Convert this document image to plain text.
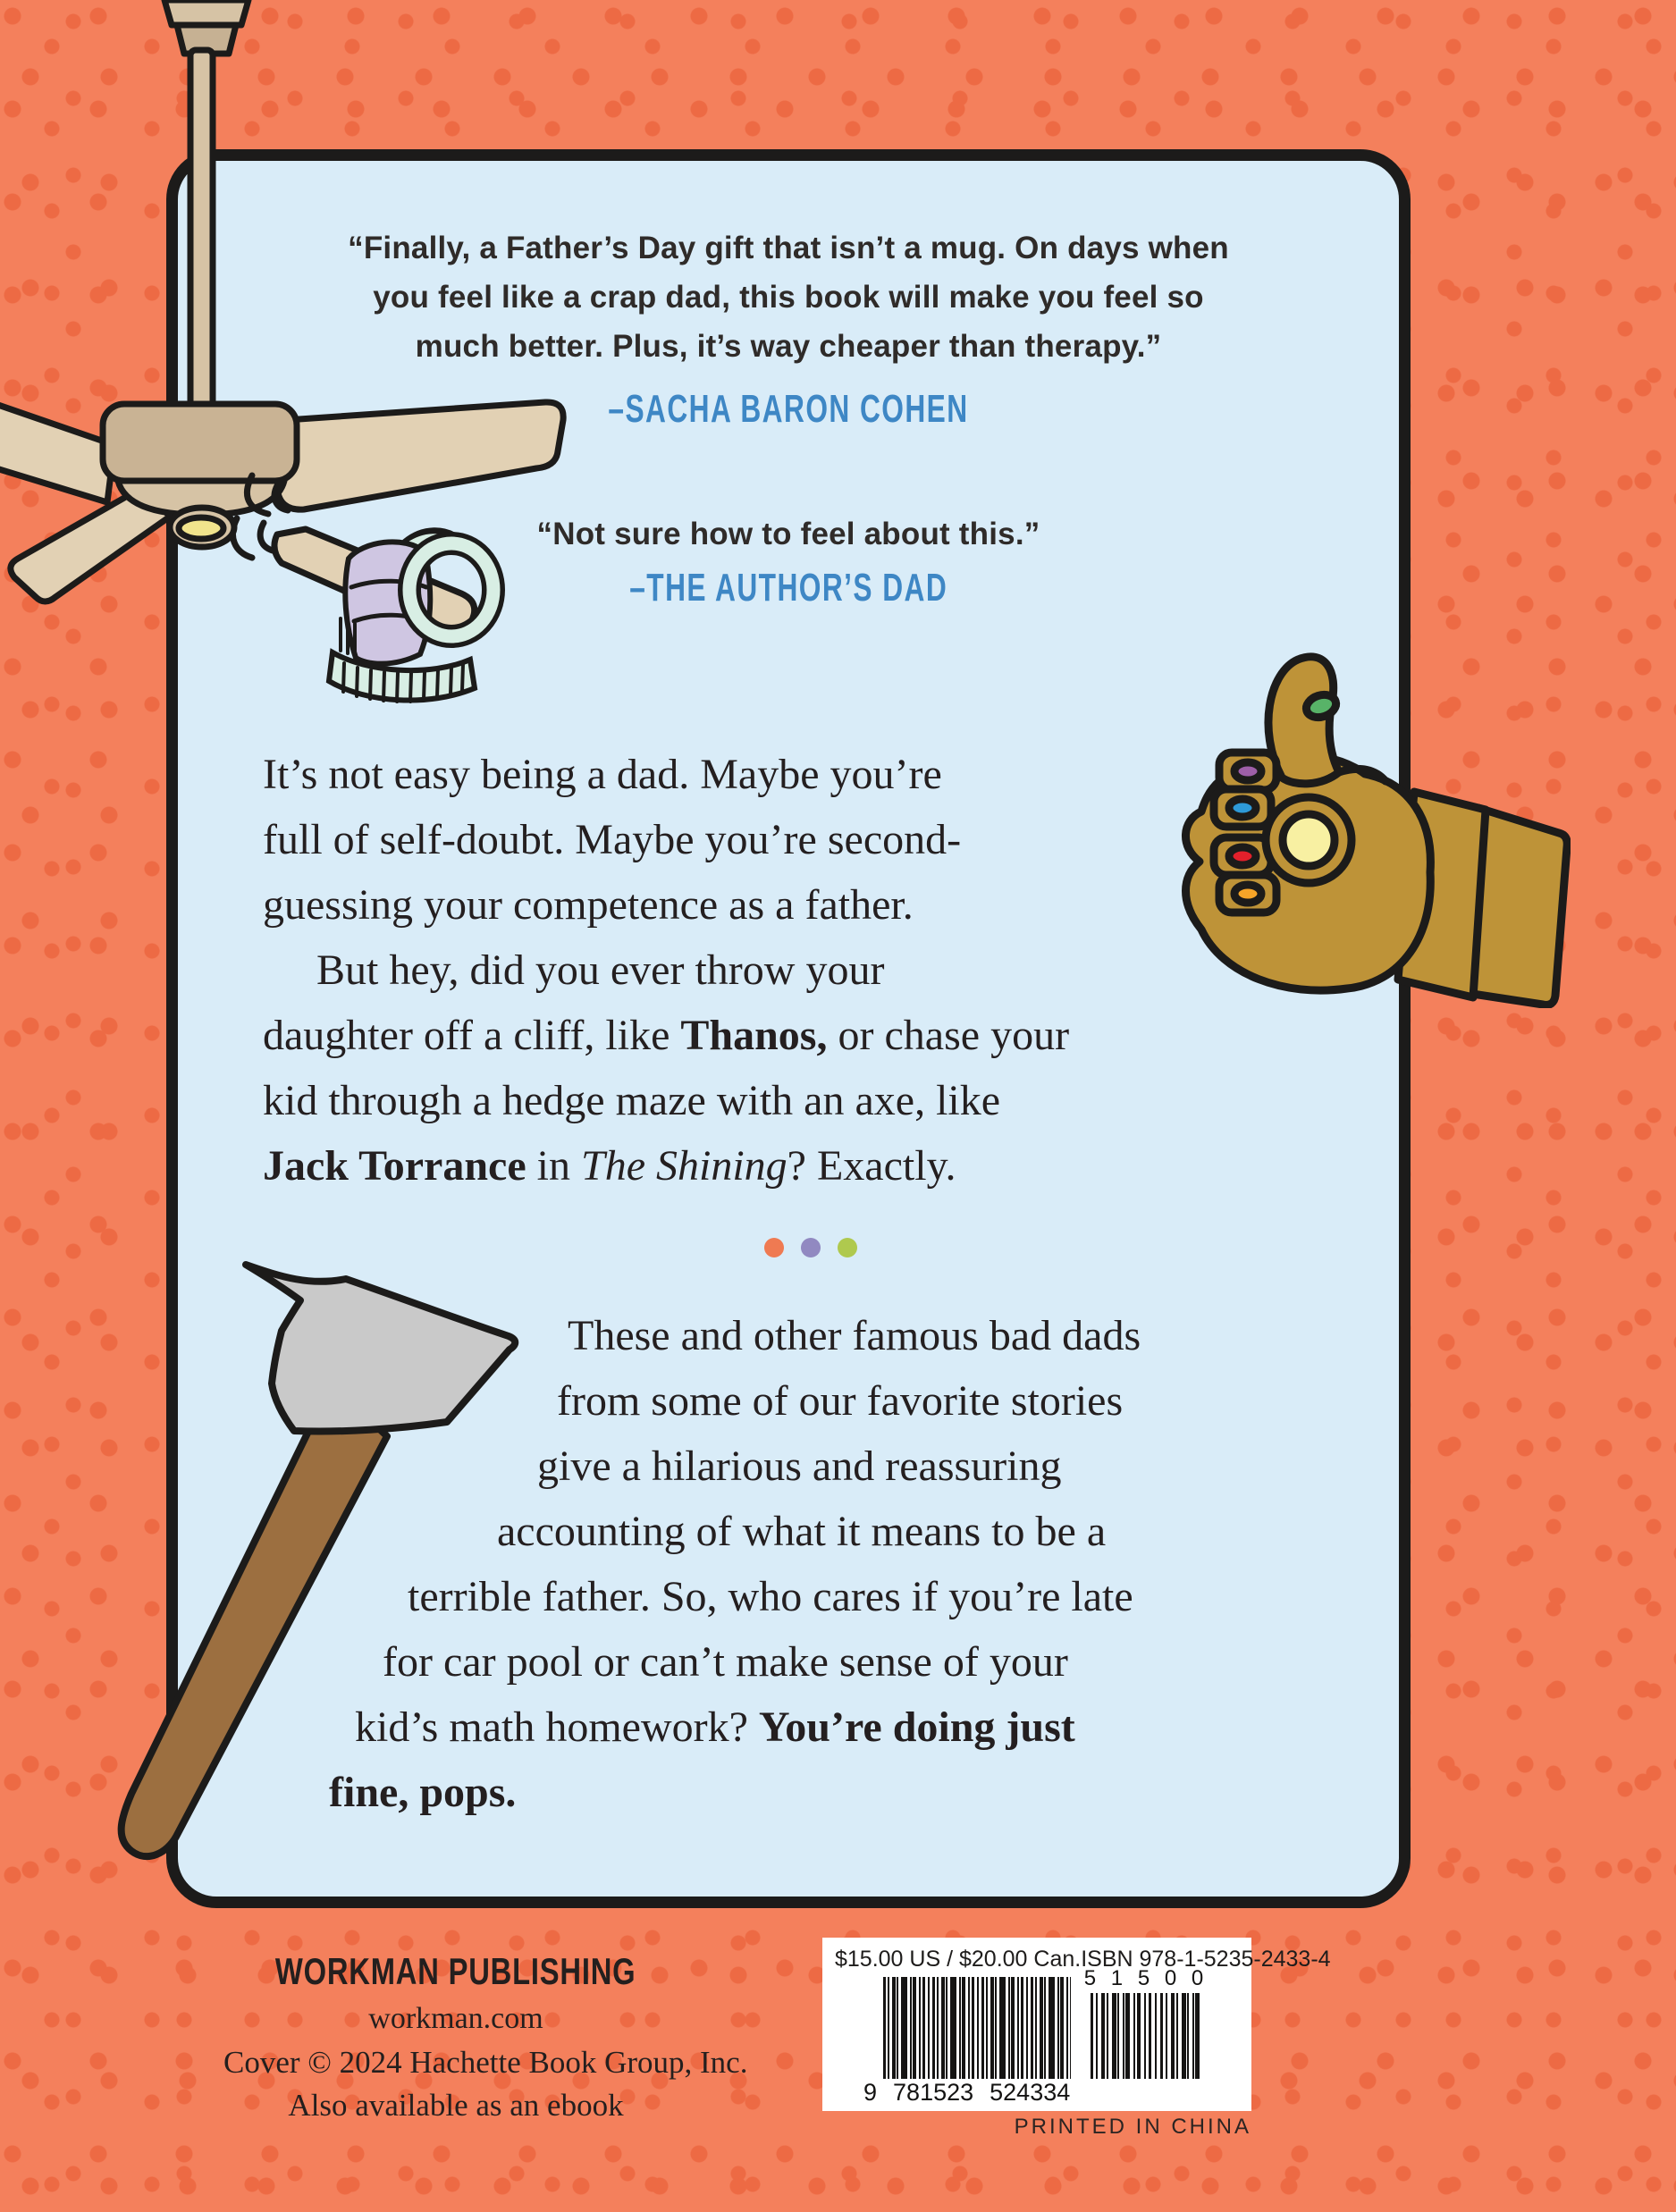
“Finally, a Father’s Day gift that isn’t a mug. On days when
you feel like a crap dad, this book will make you feel so
much better. Plus, it’s way cheaper than therapy.”
–SACHA BARON COHEN
“Not sure how to feel about this.”
–THE AUTHOR’S DAD
It’s not easy being a dad. Maybe you’re
full of self-doubt. Maybe you’re second-
guessing your competence as a father.
But hey, did you ever throw your
daughter off a cliff, like Thanos, or chase your
kid through a hedge maze with an axe, like
Jack Torrance in The Shining? Exactly.
These and other famous bad dads
from some of our favorite stories
give a hilarious and reassuring
accounting of what it means to be a
terrible father. So, who cares if you’re late
for car pool or can’t make sense of your
kid’s math homework? You’re doing just
fine, pops.
WORKMAN PUBLISHING
workman.com
Cover © 2024 Hachette Book Group, Inc.
Also available as an ebook
$15.00 US / $20.00 Can. ISBN 978-1-5235-2433-4
9 781523 524334
5 1 5 0 0
PRINTED IN CHINA
